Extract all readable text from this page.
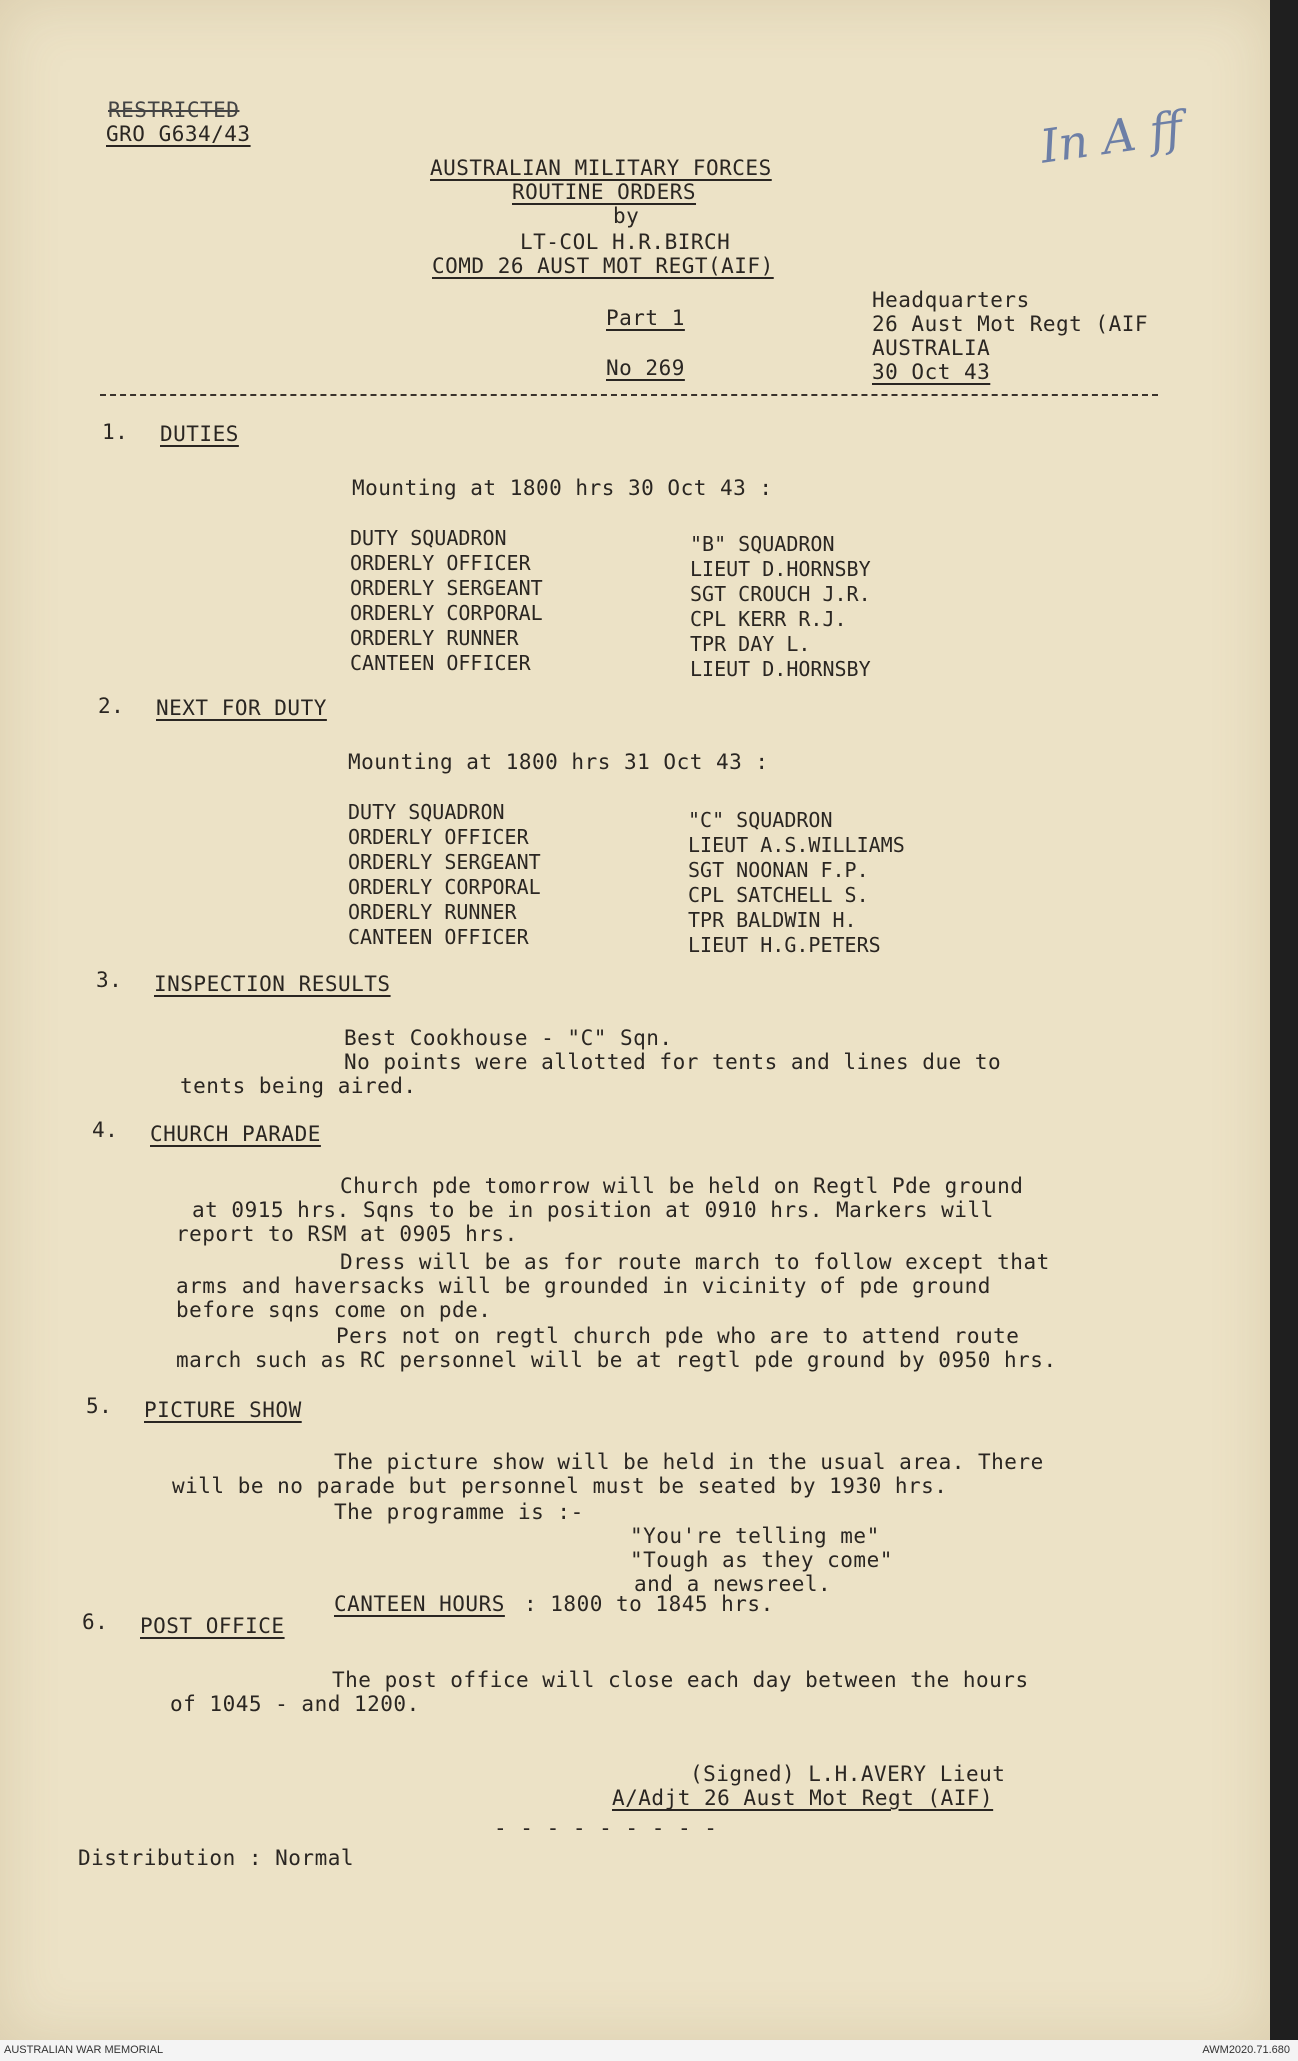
RESTRICTED
GRO G634/43	In A ff
AUSTRALIAN MILITARY FORCES
ROUTINE ORDERS
by
LT-COL H.R.BIRCH
COMD 26 AUST MOT REGT(AIF)
Part 1
No 269
Headquarters
26 Aust Mot Regt (AIF
AUSTRALIA
30 Oct 43
1. DUTIES
Mounting at 1800 hrs 30 Oct 43 :
DUTY SQUADRON
ORDERLY OFFICER
ORDERLY SERGEANT
ORDERLY CORPORAL
ORDERLY RUNNER
CANTEEN OFFICER
"B" SQUADRON
LIEUT D.HORNSBY
SGT CROUCH J.R.
CPL KERR R.J.
TPR DAY L.
LIEUT D.HORNSBY
2. NEXT FOR DUTY
Mounting at 1800 hrs 31 Oct 43 :
DUTY SQUADRON
ORDERLY OFFICER
ORDERLY SERGEANT
ORDERLY CORPORAL
ORDERLY RUNNER
CANTEEN OFFICER
"C" SQUADRON
LIEUT A.S.WILLIAMS
SGT NOONAN F.P.
CPL SATCHELL S.
TPR BALDWIN H.
LIEUT H.G.PETERS
3. INSPECTION RESULTS
Best Cookhouse - "C" Sqn.
No points were allotted for tents and lines due to
tents being aired.
4. CHURCH PARADE
Church pde tomorrow will be held on Regtl Pde ground
at 0915 hrs. Sqns to be in position at 0910 hrs. Markers will
report to RSM at 0905 hrs.
Dress will be as for route march to follow except that
arms and haversacks will be grounded in vicinity of pde ground
before sqns come on pde.
Pers not on regtl church pde who are to attend route
march such as RC personnel will be at regtl pde ground by 0950 hrs.
5. PICTURE SHOW
The picture show will be held in the usual area. There
will be no parade but personnel must be seated by 1930 hrs.
The programme is :-
"You're telling me"
"Tough as they come"
and a newsreel.
CANTEEN HOURS : 1800 to 1845 hrs.
6. POST OFFICE
The post office will close each day between the hours
of 1045 - and 1200.
(Signed) L.H.AVERY Lieut
A/Adjt 26 Aust Mot Regt (AIF)
- - - - - - - - -
Distribution : Normal
AUSTRALIAN WAR MEMORIAL	AWM2020.71.680
